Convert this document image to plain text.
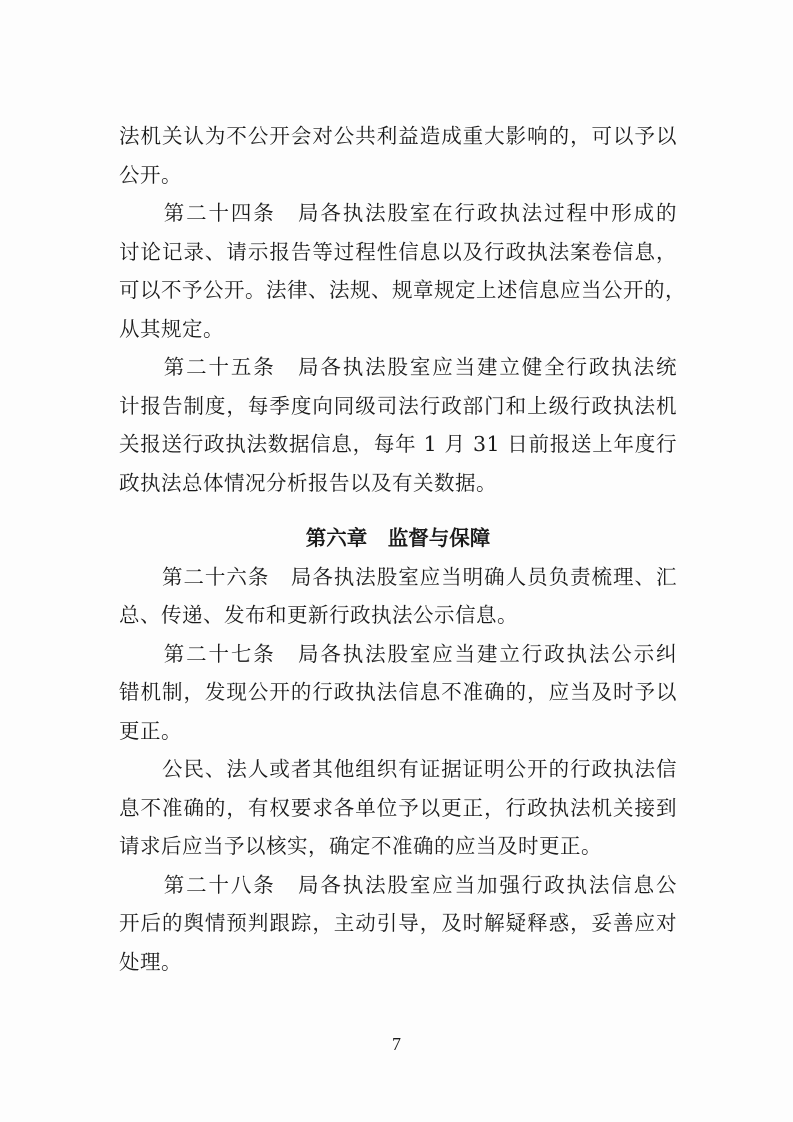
法机关认为不公开会对公共利益造成重大影响的，可以予以
公开。
　　第二十四条　局各执法股室在行政执法过程中形成的
讨论记录、请示报告等过程性信息以及行政执法案卷信息，
可以不予公开。法律、法规、规章规定上述信息应当公开的，
从其规定。
　　第二十五条　局各执法股室应当建立健全行政执法统
计报告制度，每季度向同级司法行政部门和上级行政执法机
关报送行政执法数据信息，每年 1 月 31 日前报送上年度行
政执法总体情况分析报告以及有关数据。
第六章　监督与保障
　　第二十六条　局各执法股室应当明确人员负责梳理、汇
总、传递、发布和更新行政执法公示信息。
　　第二十七条　局各执法股室应当建立行政执法公示纠
错机制，发现公开的行政执法信息不准确的，应当及时予以
更正。
　　公民、法人或者其他组织有证据证明公开的行政执法信
息不准确的，有权要求各单位予以更正，行政执法机关接到
请求后应当予以核实，确定不准确的应当及时更正。
　　第二十八条　局各执法股室应当加强行政执法信息公
开后的舆情预判跟踪，主动引导，及时解疑释惑，妥善应对
处理。
7
